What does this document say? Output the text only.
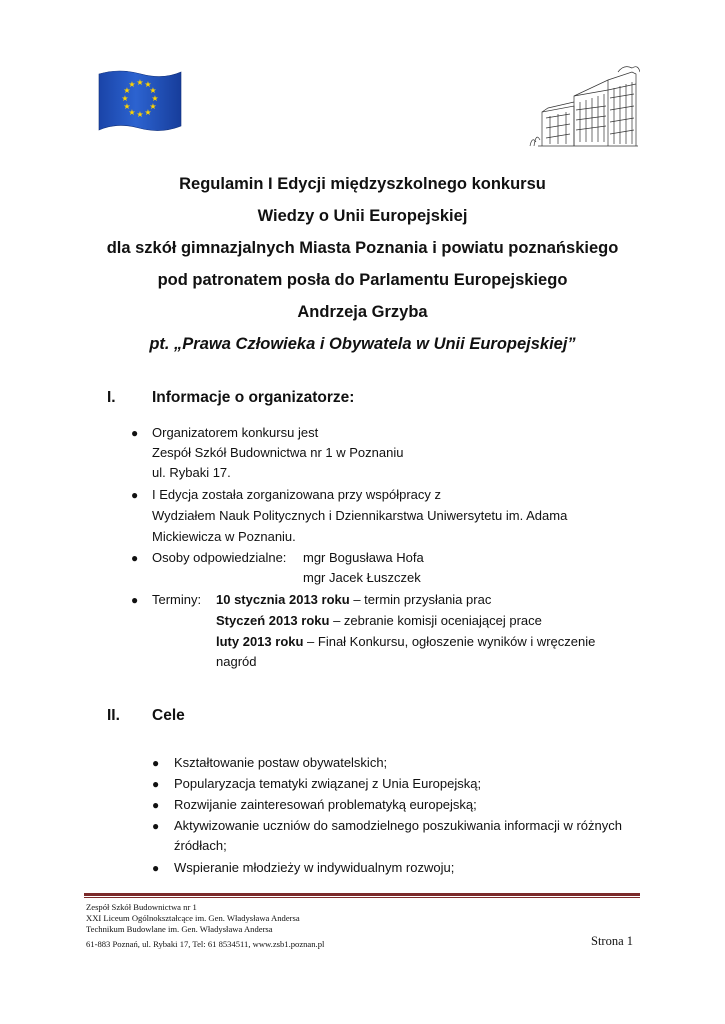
★ ★
★
★
★
★
★
★
★
★
★
★
Regulamin I Edycji międzyszkolnego konkursu
Wiedzy o Unii Europejskiej
dla szkół gimnazjalnych Miasta Poznania i powiatu poznańskiego
pod patronatem posła do Parlamentu Europejskiego
Andrzeja Grzyba
pt. „Prawa Człowieka i Obywatela w Unii Europejskiej”
I. Informacje o organizatorze:
● Organizatorem konkursu jest
Zespół Szkół Budownictwa nr 1 w Poznaniu
ul. Rybaki 17.
● I Edycja została zorganizowana przy współpracy z
Wydziałem Nauk Politycznych i Dziennikarstwa Uniwersytetu im. Adama
Mickiewicza w Poznaniu.
● Osoby odpowiedzialne: mgr Bogusława Hofa
mgr Jacek Łuszczek
● Terminy: 10 stycznia 2013 roku – termin przysłania prac
Styczeń 2013 roku – zebranie komisji oceniającej prace
luty 2013 roku – Finał Konkursu, ogłoszenie wyników i wręczenie
nagród
II. Cele
● Kształtowanie postaw obywatelskich;
● Popularyzacja tematyki związanej z Unia Europejską;
● Rozwijanie zainteresowań problematyką europejską;
● Aktywizowanie uczniów do samodzielnego poszukiwania informacji w różnych
źródłach;
● Wspieranie młodzieży w indywidualnym rozwoju;
Zespół Szkół Budownictwa nr 1
XXI Liceum Ogólnokształcące im. Gen. Władysława Andersa
Technikum Budowlane im. Gen. Władysława Andersa
61-883 Poznań, ul. Rybaki 17, Tel: 61 8534511, www.zsb1.poznan.pl	Strona 1
